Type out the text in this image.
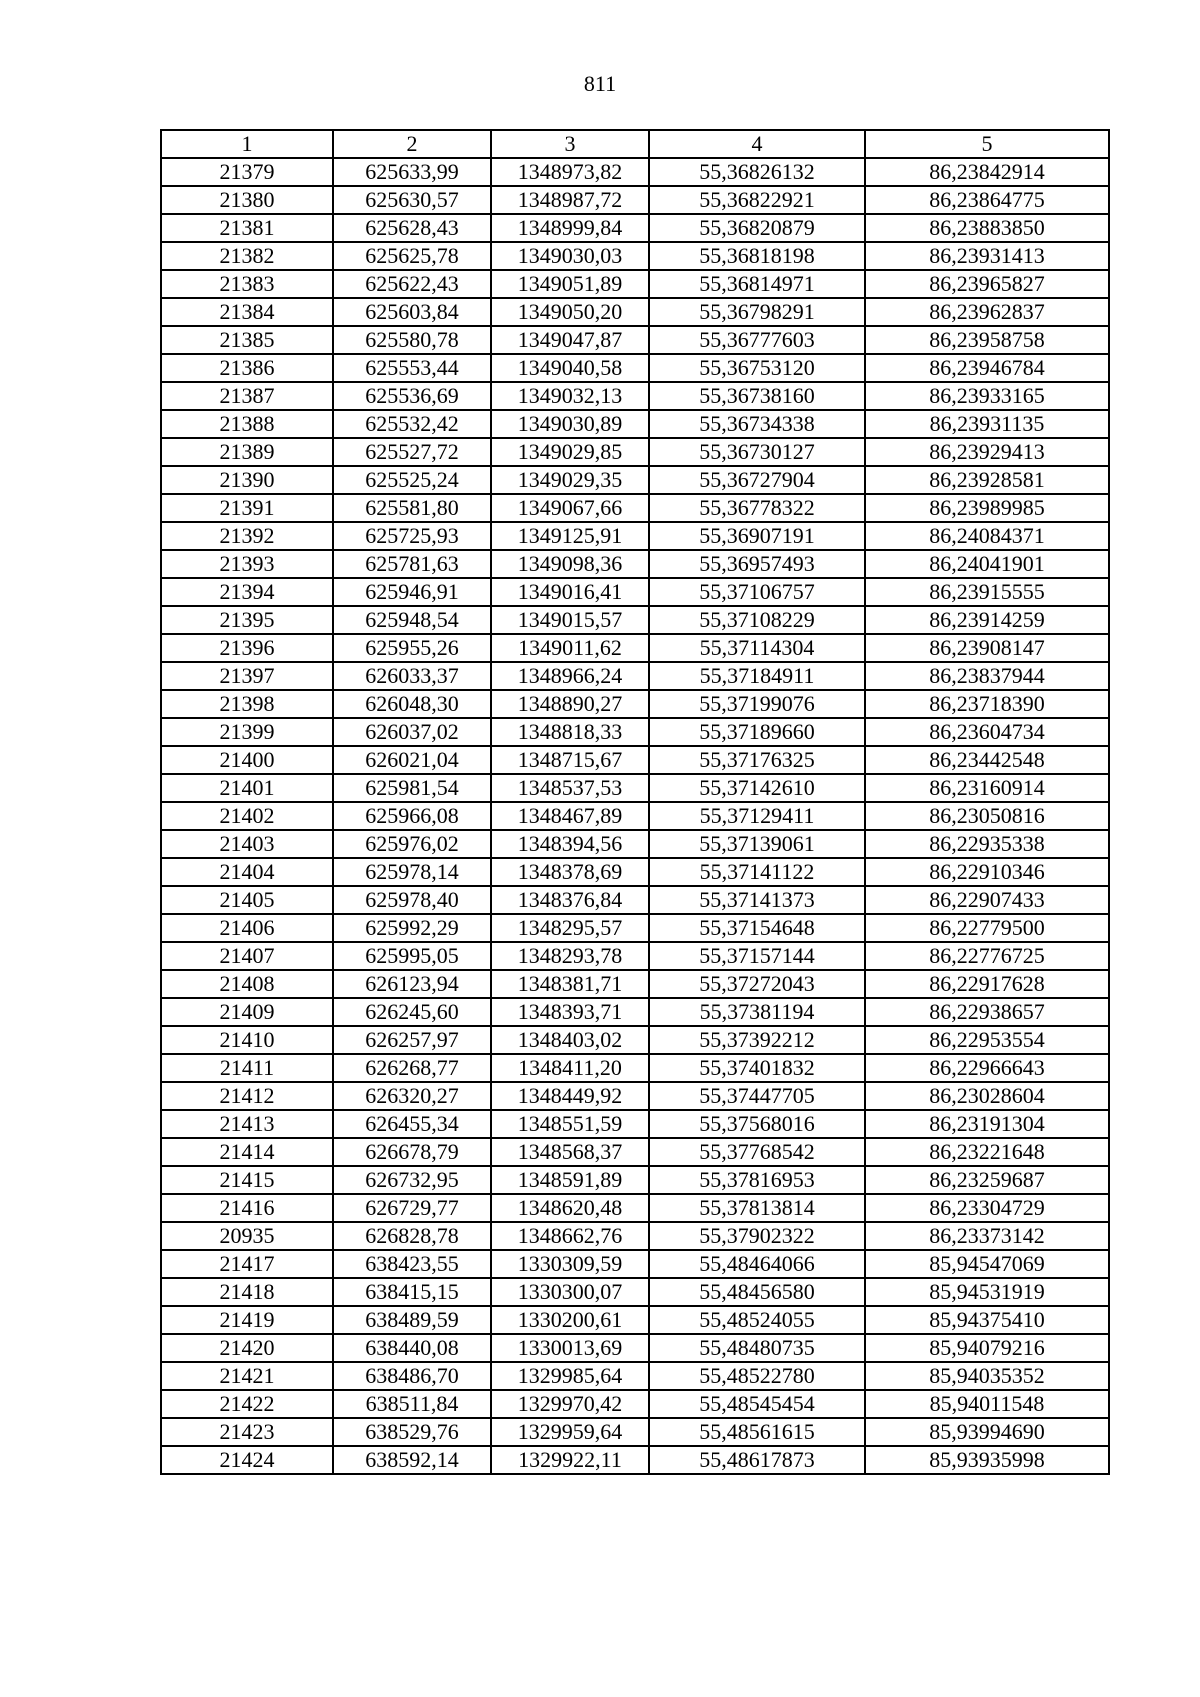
811
1	2	3	4	5
21379	625633,99	1348973,82	55,36826132	86,23842914
21380	625630,57	1348987,72	55,36822921	86,23864775
21381	625628,43	1348999,84	55,36820879	86,23883850
21382	625625,78	1349030,03	55,36818198	86,23931413
21383	625622,43	1349051,89	55,36814971	86,23965827
21384	625603,84	1349050,20	55,36798291	86,23962837
21385	625580,78	1349047,87	55,36777603	86,23958758
21386	625553,44	1349040,58	55,36753120	86,23946784
21387	625536,69	1349032,13	55,36738160	86,23933165
21388	625532,42	1349030,89	55,36734338	86,23931135
21389	625527,72	1349029,85	55,36730127	86,23929413
21390	625525,24	1349029,35	55,36727904	86,23928581
21391	625581,80	1349067,66	55,36778322	86,23989985
21392	625725,93	1349125,91	55,36907191	86,24084371
21393	625781,63	1349098,36	55,36957493	86,24041901
21394	625946,91	1349016,41	55,37106757	86,23915555
21395	625948,54	1349015,57	55,37108229	86,23914259
21396	625955,26	1349011,62	55,37114304	86,23908147
21397	626033,37	1348966,24	55,37184911	86,23837944
21398	626048,30	1348890,27	55,37199076	86,23718390
21399	626037,02	1348818,33	55,37189660	86,23604734
21400	626021,04	1348715,67	55,37176325	86,23442548
21401	625981,54	1348537,53	55,37142610	86,23160914
21402	625966,08	1348467,89	55,37129411	86,23050816
21403	625976,02	1348394,56	55,37139061	86,22935338
21404	625978,14	1348378,69	55,37141122	86,22910346
21405	625978,40	1348376,84	55,37141373	86,22907433
21406	625992,29	1348295,57	55,37154648	86,22779500
21407	625995,05	1348293,78	55,37157144	86,22776725
21408	626123,94	1348381,71	55,37272043	86,22917628
21409	626245,60	1348393,71	55,37381194	86,22938657
21410	626257,97	1348403,02	55,37392212	86,22953554
21411	626268,77	1348411,20	55,37401832	86,22966643
21412	626320,27	1348449,92	55,37447705	86,23028604
21413	626455,34	1348551,59	55,37568016	86,23191304
21414	626678,79	1348568,37	55,37768542	86,23221648
21415	626732,95	1348591,89	55,37816953	86,23259687
21416	626729,77	1348620,48	55,37813814	86,23304729
20935	626828,78	1348662,76	55,37902322	86,23373142
21417	638423,55	1330309,59	55,48464066	85,94547069
21418	638415,15	1330300,07	55,48456580	85,94531919
21419	638489,59	1330200,61	55,48524055	85,94375410
21420	638440,08	1330013,69	55,48480735	85,94079216
21421	638486,70	1329985,64	55,48522780	85,94035352
21422	638511,84	1329970,42	55,48545454	85,94011548
21423	638529,76	1329959,64	55,48561615	85,93994690
21424	638592,14	1329922,11	55,48617873	85,93935998
